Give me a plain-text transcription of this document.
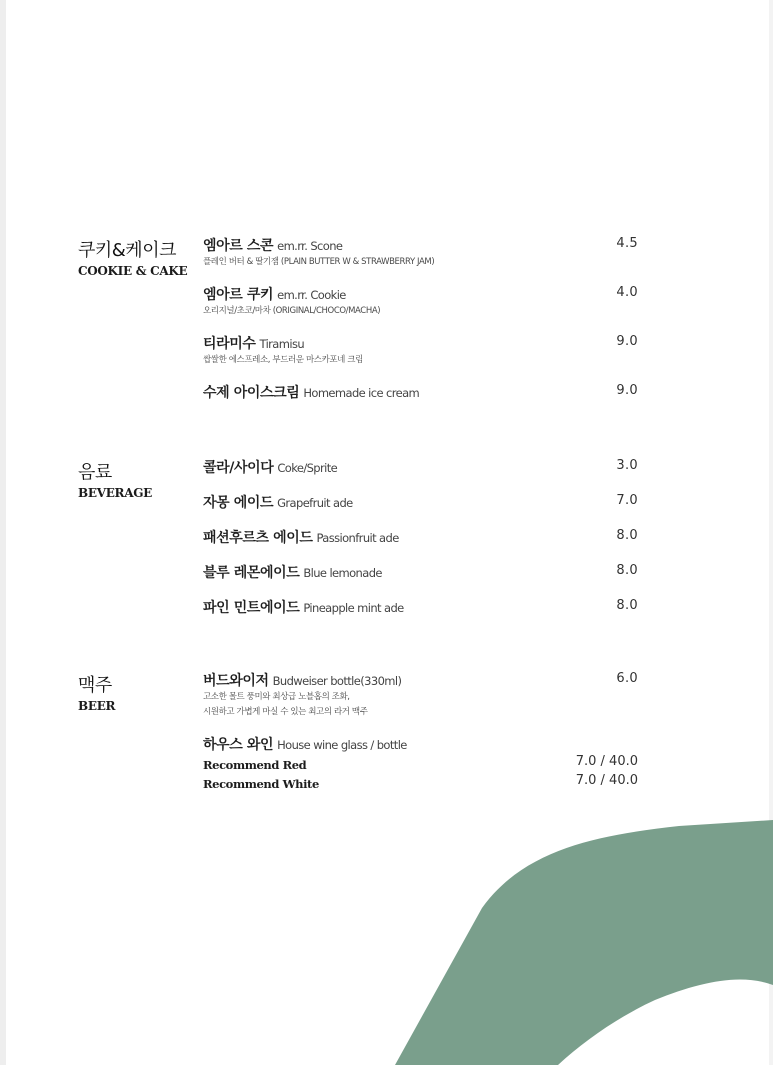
쿠키&케이크
COOKIE & CAKE
엠아르 스콘 em.rr. Scone
플레인 버터 & 딸기잼 (PLAIN BUTTER W & STRAWBERRY JAM)
4.5
엠아르 쿠키 em.rr. Cookie
오리지널/초코/마차 (ORIGINAL/CHOCO/MACHA)
4.0
티라미수 Tiramisu
쌉쌀한 에스프레소, 부드러운 마스카포네 크림
9.0
수제 아이스크림 Homemade ice cream	9.0
음료
BEVERAGE
콜라/사이다 Coke/Sprite	3.0
자몽 에이드 Grapefruit ade	7.0
패션후르츠 에이드 Passionfruit ade	8.0
블루 레몬에이드 Blue lemonade	8.0
파인 민트에이드 Pineapple mint ade	8.0
맥주
BEER
버드와이저 Budweiser bottle(330ml)
고소한 몰트 풍미와 최상급 노블홉의 조화,
시원하고 가볍게 마실 수 있는 최고의 라거 맥주
6.0
하우스 와인 House wine glass / bottle
Recommend Red	7.0 / 40.0
Recommend White	7.0 / 40.0
